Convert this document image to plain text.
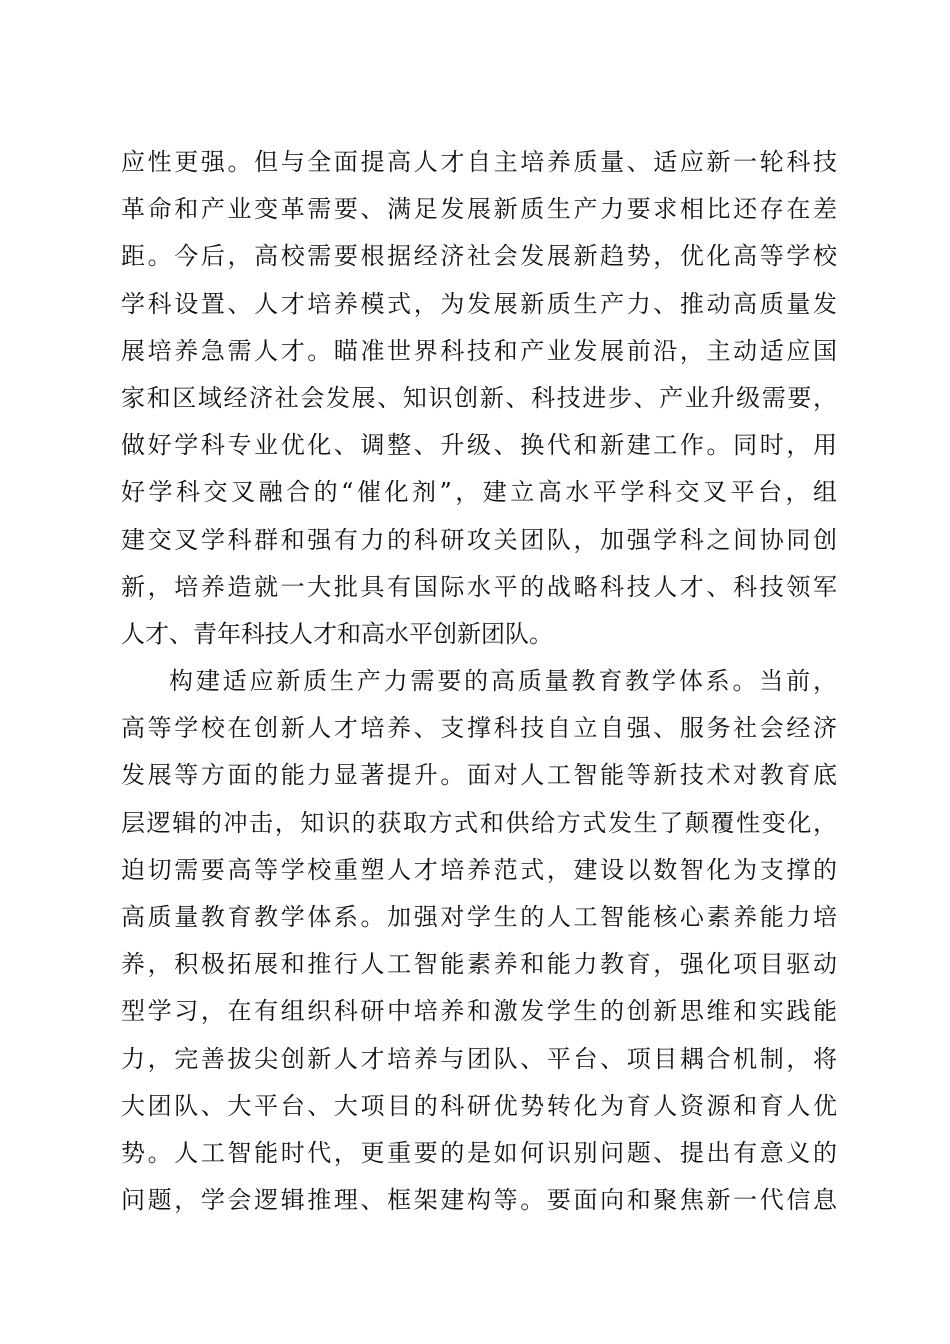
应性更强。但与全面提高人才自主培养质量、适应新一轮科技
革命和产业变革需要、满足发展新质生产力要求相比还存在差
距。今后，高校需要根据经济社会发展新趋势，优化高等学校
学科设置、人才培养模式，为发展新质生产力、推动高质量发
展培养急需人才。瞄准世界科技和产业发展前沿，主动适应国
家和区域经济社会发展、知识创新、科技进步、产业升级需要，
做好学科专业优化、调整、升级、换代和新建工作。同时，用
好学科交叉融合的“催化剂”，建立高水平学科交叉平台，组
建交叉学科群和强有力的科研攻关团队，加强学科之间协同创
新，培养造就一大批具有国际水平的战略科技人才、科技领军
人才、青年科技人才和高水平创新团队。
构建适应新质生产力需要的高质量教育教学体系。当前，
高等学校在创新人才培养、支撑科技自立自强、服务社会经济
发展等方面的能力显著提升。面对人工智能等新技术对教育底
层逻辑的冲击，知识的获取方式和供给方式发生了颠覆性变化，
迫切需要高等学校重塑人才培养范式，建设以数智化为支撑的
高质量教育教学体系。加强对学生的人工智能核心素养能力培
养，积极拓展和推行人工智能素养和能力教育，强化项目驱动
型学习，在有组织科研中培养和激发学生的创新思维和实践能
力，完善拔尖创新人才培养与团队、平台、项目耦合机制，将
大团队、大平台、大项目的科研优势转化为育人资源和育人优
势。人工智能时代，更重要的是如何识别问题、提出有意义的
问题，学会逻辑推理、框架建构等。要面向和聚焦新一代信息
